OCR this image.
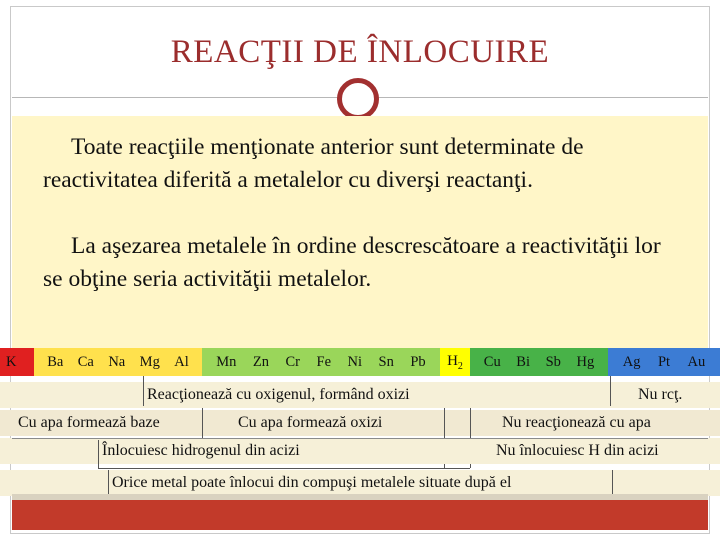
REACŢII DE ÎNLOCUIRE

Toate reacţiile menţionate anterior sunt determinate de reactivitatea diferită a metalelor cu diverşi reactanţi.

La aşezarea metalele în ordine descrescătoare a reactivităţii lor se obţine seria activităţii metalelor.

K Ba Ca Na Mg Al Mn Zn Cr Fe Ni Sn Pb $H_2$ Cu Bi Sb Hg Ag Pt Au
Reacţionează cu oxigenul, formând oxizi	Nu rcţ.
Cu apa formează baze	Cu apa formează oxizi	Nu reacţionează cu apa
Înlocuiesc hidrogenul din acizi	Nu înlocuiesc H din acizi
Orice metal poate înlocui din compuşi metalele situate după el
